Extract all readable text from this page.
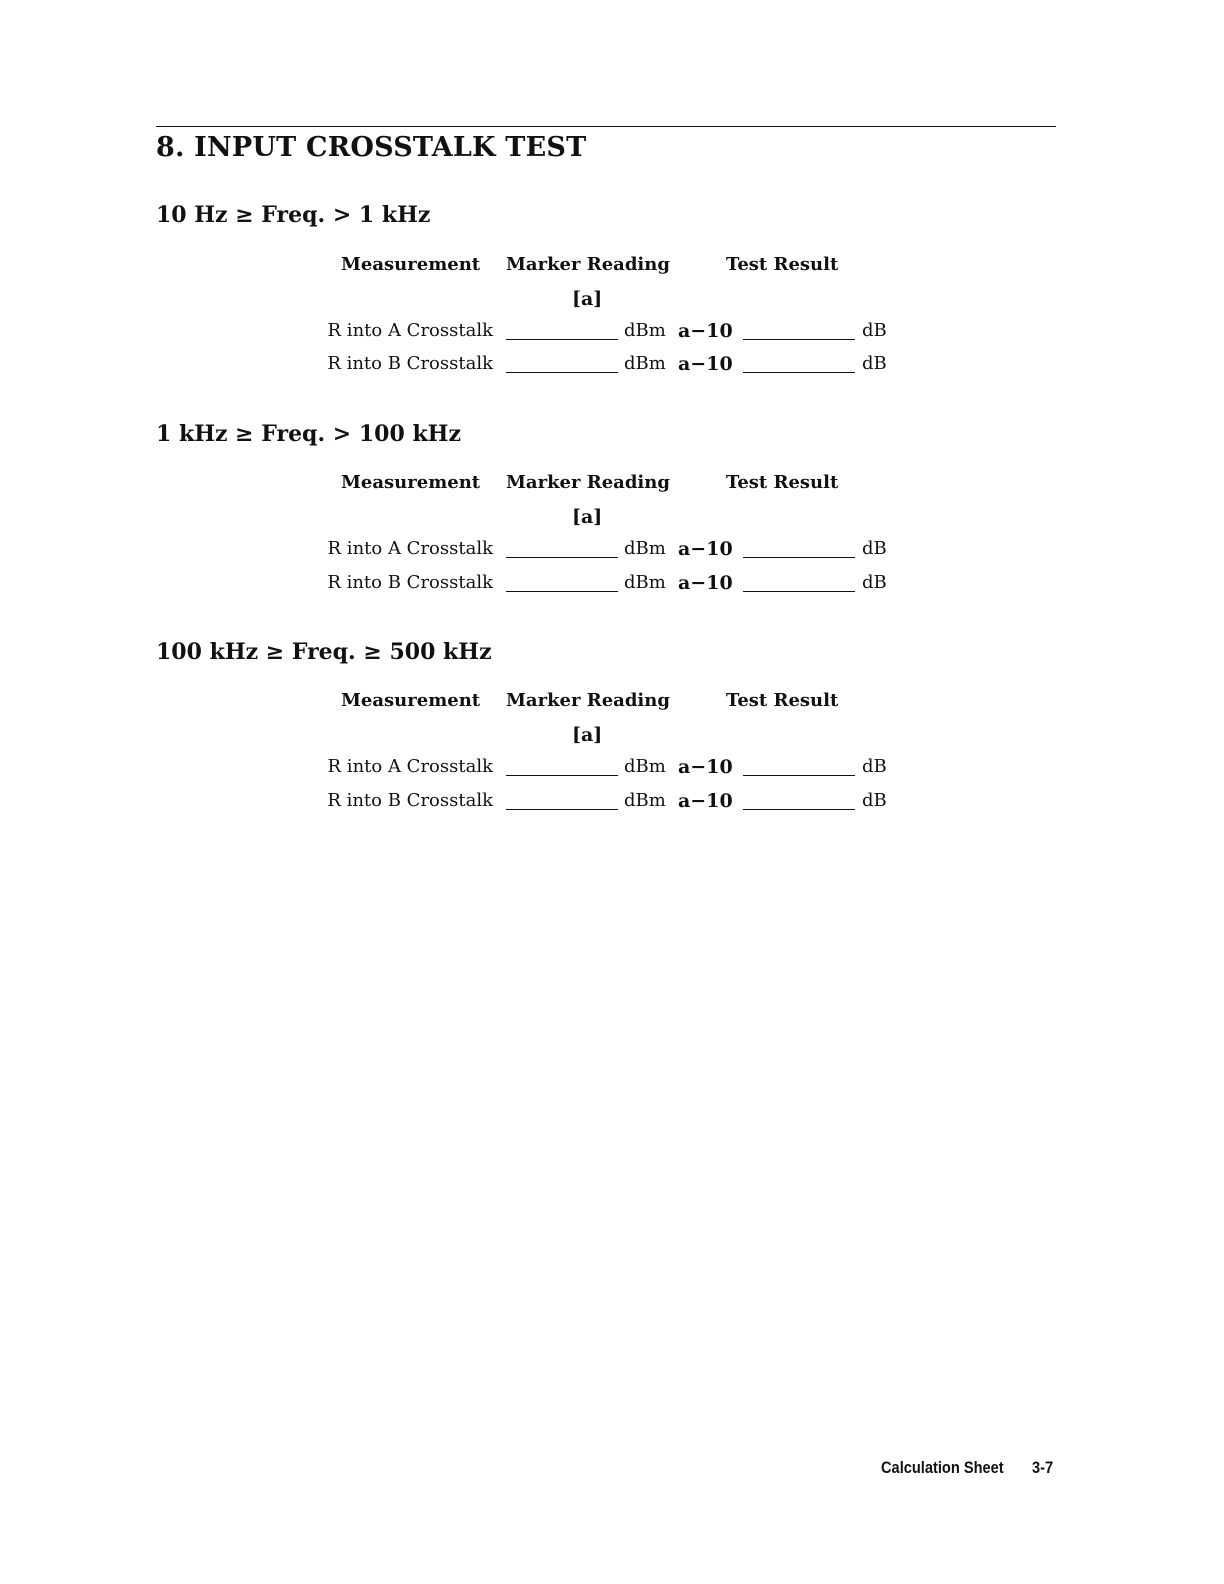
8. INPUT CROSSTALK TEST
10 Hz ≥ Freq. > 1 kHz
Measurement Marker Reading	Test Result
[a]
R into A Crosstalk	dBm a−10	dB
R into B Crosstalk	dBm a−10	dB
1 kHz ≥ Freq. > 100 kHz
Measurement Marker Reading	Test Result
[a]
R into A Crosstalk	dBm a−10	dB
R into B Crosstalk	dBm a−10	dB
100 kHz ≥ Freq. ≥ 500 kHz
Measurement Marker Reading	Test Result
[a]
R into A Crosstalk	dBm a−10	dB
R into B Crosstalk	dBm a−10	dB
Calculation Sheet 3-7
